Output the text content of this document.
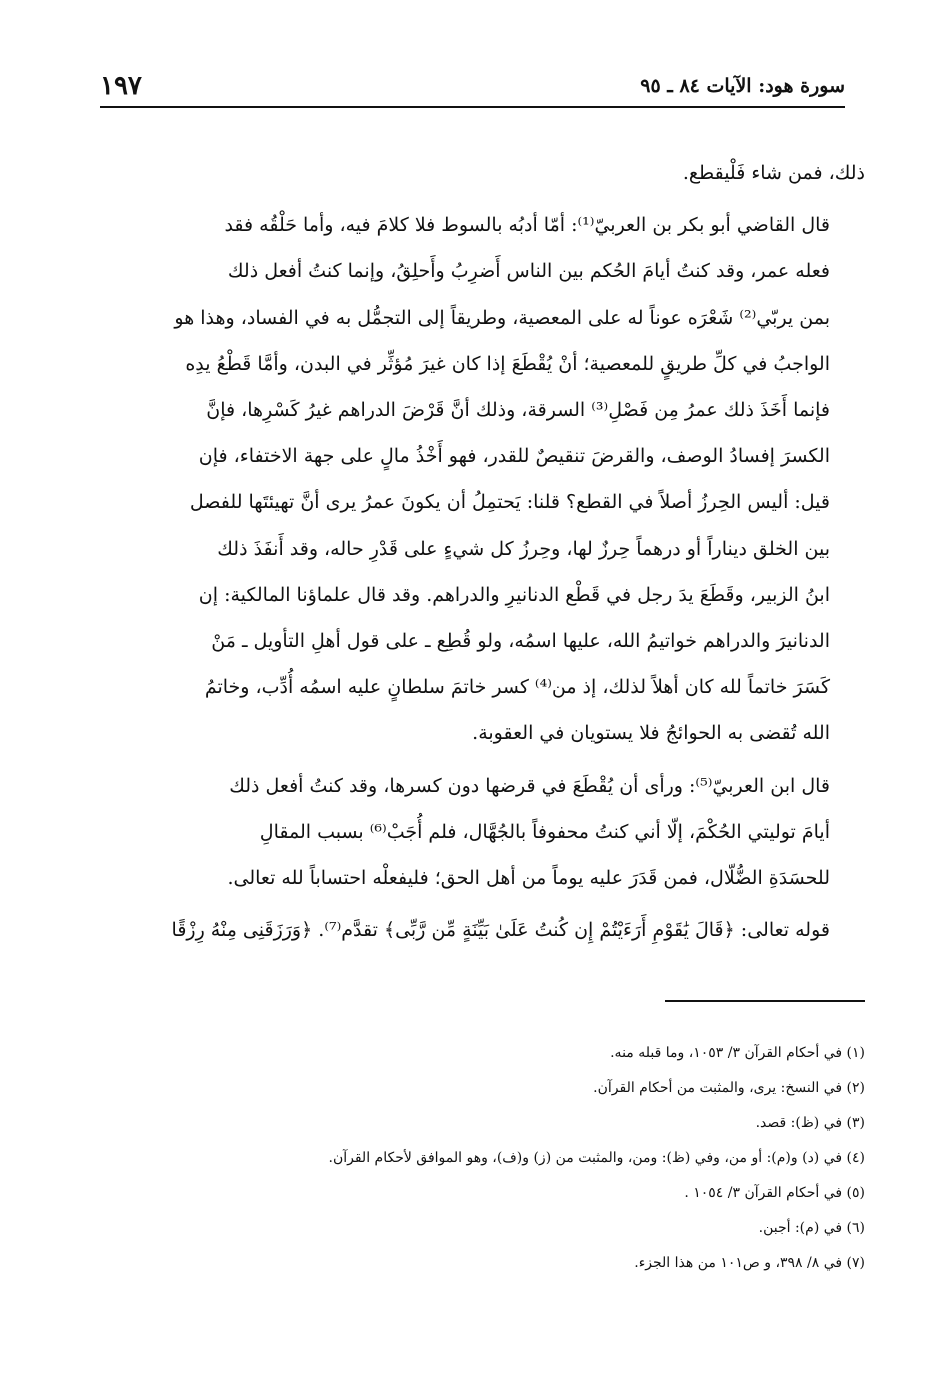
سورة هود: الآيات ٨٤ ـ ٩٥
١٩٧

ذلك، فمن شاء فَلْيقطع.

قال القاضي أبو بكر بن العربيّ⁽¹⁾: أمّا أدبُه بالسوط فلا كلامَ فيه، وأما حَلْقُه فقد
فعله عمر، وقد كنتُ أيامَ الحُكم بين الناس أَضرِبُ وأَحلِقُ، وإنما كنتُ أفعل ذلك
بمن يربّي⁽²⁾ شَعْرَه عوناً له على المعصية، وطريقاً إلى التجمُّل به في الفساد، وهذا هو
الواجبُ في كلِّ طريقٍ للمعصية؛ أنْ يُقْطَعَ إذا كان غيرَ مُؤثِّر في البدن، وأمَّا قَطْعُ يدِه
فإنما أَخَذَ ذلك عمرُ مِن فَصْلِ⁽³⁾ السرقة، وذلك أنَّ قَرْضَ الدراهم غيرُ كَسْرِها، فإنَّ
الكسرَ إفسادُ الوصف، والقرضَ تنقيصٌ للقدر، فهو أَخْذُ مالٍ على جهة الاختفاء، فإن
قيل: أليس الحِرزُ أصلاً في القطع؟ قلنا: يَحتمِلُ أن يكونَ عمرُ يرى أنَّ تهيئتَها للفصل
بين الخلق ديناراً أو درهماً حِرزٌ لها، وحِرزُ كل شيءٍ على قَدْرِ حاله، وقد أَنفَذَ ذلك
ابنُ الزبير، وقَطَعَ يدَ رجل في قَطْع الدنانيرِ والدراهم. وقد قال علماؤنا المالكية: إن
الدنانيرَ والدراهم خواتيمُ الله، عليها اسمُه، ولو قُطِع ـ على قول أهلِ التأويل ـ مَنْ
كَسَرَ خاتماً لله كان أهلاً لذلك، إذ من⁽⁴⁾ كسر خاتمَ سلطانٍ عليه اسمُه أُدِّب، وخاتمُ
الله تُقضى به الحوائجُ فلا يستويان في العقوبة.

قال ابن العربيّ⁽⁵⁾: ورأى أن يُقْطَعَ في قرضها دون كسرها، وقد كنتُ أفعل ذلك
أيامَ توليتي الحُكْمَ، إلّا أني كنتُ محفوفاً بالجُهَّال، فلم أُجَبْ⁽⁶⁾ بسبب المقالِ
للحسَدَةِ الضُّلّال، فمن قَدَرَ عليه يوماً من أهل الحق؛ فليفعلْه احتساباً لله تعالى.

قوله تعالى: ﴿قَالَ يَٰقَوْمِ أَرَءَيْتُمْ إِن كُنتُ عَلَىٰ بَيِّنَةٍ مِّن رَّبِّى﴾ تقدَّم⁽⁷⁾. ﴿وَرَزَقَنِى مِنْهُ رِزْقًا

(١) في أحكام القرآن ٣/ ١٠٥٣، وما قبله منه.
(٢) في النسخ: يرى، والمثبت من أحكام القرآن.
(٣) في (ظ): قصد.
(٤) في (د) و(م): أو من، وفي (ظ): ومن، والمثبت من (ز) و(ف)، وهو الموافق لأحكام القرآن.
(٥) في أحكام القرآن ٣/ ١٠٥٤ .
(٦) في (م): أجبن.
(٧) في ٨/ ٣٩٨، و ص١٠١ من هذا الجزء.
